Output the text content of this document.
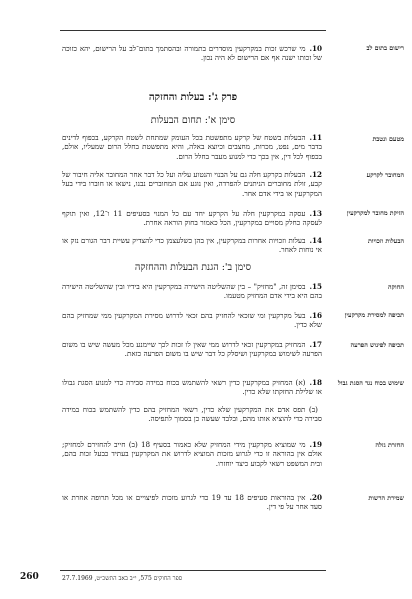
10.מי שרכש זכות במקרקעין מוסדרים בתמורה ובהסתמך בתום־לב על הרישום, יהא כזוכה של זכותו ישנה אף אם הרישום לא היה נכון.
רישום בתום לב
פרק ג': בעלות והחזקה
סימן א': תחום הבעלות
11.הבעלות בשטח של קרקע מתפשטת בכל העומק שמתחת לשטח הקרקע, בכפוף לדינים בדבר מים, נפט, מכרות, מחצבים וכיוצא באלה, והיא מתפשטת בחלל הרום שמעליו, אולם, בכפוף לכל דין, אין בכך כדי למנוע מעבר בחלל הרום.
מטעם ונטבת
12.הבעלות בקרקע חלה גם על הבנוי והנטוע עליה ועל כל דבר אחר המחובר אליה חיבור של קבע, זולת מחוברים הניתנים להפרדה, ואין נוגע אם המחוברים נבנו, נישאו או חוברו בידי בעל המקרקעין או בידי אדם אחר.
המחובר לקרקע
13.עסקה במקרקעין חלה על הקרקע יחד עם כל המנוי בסעיפים 11 ו־12, ואין תוקף לעסקה כחלק מסויים במקרקעין, הכל כאמור בחוק הוראה אחרת.
הזיקת מחובר למקרקעין
14.בעלות וזכויות אחרות במקרקעין, אין בהן כשלעצמן כדי להצדיק עשיית דבר הגורם נזק או אי נוחות לאחר.
הבעלות וזכויות
סימן ב': הגנת הבעלות וההחזקה
15.בסימן זה, "מחזיק" – בין שהשליטה הישירה במקרקעין היא בידיו ובין שהשליטה הישירה בהם היא בידי אדם המחזיק מטעמו.
החוקה
16.בעל מקרקעין ומי שזכאי להחזיק בהם זכאי לדרוש מסירת המקרקעין ממי שמחזיק בהם שלא כדין.
תכיפה למסירת מקרקעין
17.המחזיק במקרקעין זכאי לדרוש ממי שאין לו זכות לכך שיימנע מכל מעשה שיש בו משום הפרעה לשימוש במקרקעין ושיסלק כל דבר שיש בו משום הפרעה כזאת.
תכיפה לפינוש הפרעה
18.(א) המחזיק במקרקעין כדין רשאי להשתמש בכוח במידה סבירה כדי למנוע הסגת גבולו או שלילת החזקתו שלא כדין.
שימוש בכוח נגד הסגת גבול
(ב) תפס אדם את המקרקעין שלא כדין, רשאי המחזיק בהם כדין להשתמש בכוח במידה סבירה כדי להוציא אותו מהם, ובלבד שעשה כן בסמוך לתפיסה.
19.מי שמוציא מקרקעין מידי המחזיק שלא כאמור בסעיף 18 (ב) חייב להחזירם למחזיק; אולם אין בהוראה זו כדי לגרוע מזכות המוציא לדרוש את המקרקעין בעתיד כבעל זכות בהם, ובית המשפט רשאי לקבוע כיצד יוחזרו.
החזרת גזלה
20.אין בהוראות סעיפים 18 עד 19 כדי לגרוע מזכות לפיצויים או מכל תרופה אחרת או סעד אחר על פי דין.
שמירת הרשות
ספר החוקים 575, י״ב באב התשכ״ט, 27.7.1969
260
